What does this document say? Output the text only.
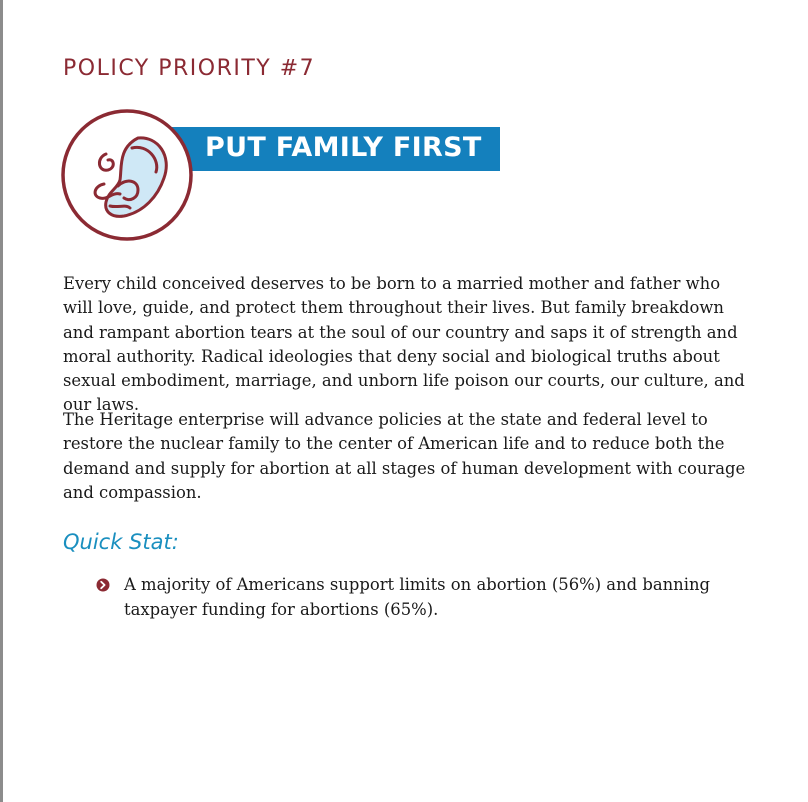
POLICY PRIORITY #7
PUT FAMILY FIRST

Every child conceived deserves to be born to a married mother and father who will love, guide, and protect them throughout their lives. But family breakdown and rampant abortion tears at the soul of our country and saps it of strength and moral authority. Radical ideologies that deny social and biological truths about sexual embodiment, marriage, and unborn life poison our courts, our culture, and our laws.

The Heritage enterprise will advance policies at the state and federal level to restore the nuclear family to the center of American life and to reduce both the demand and supply for abortion at all stages of human development with courage and compassion.

Quick Stat:

A majority of Americans support limits on abortion (56%) and banning taxpayer funding for abortions (65%).
